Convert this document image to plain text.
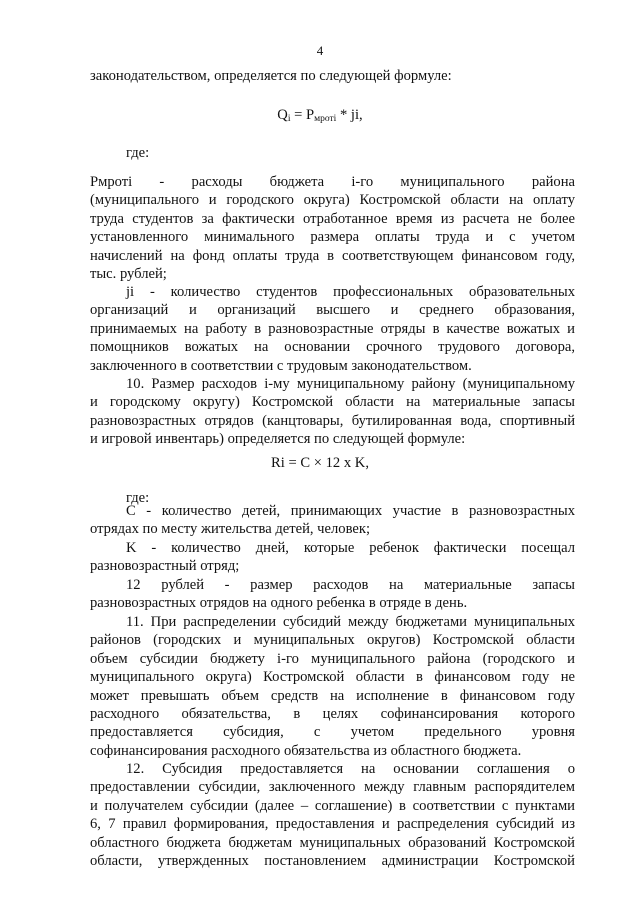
4

законодательством, определяется по следующей формуле:

$Q_i = P_{мроті}$ * ji,
где:

Pмроті - расходы бюджета i-го муниципального района

(муниципального и городского округа) Костромской области на оплату

труда студентов за фактически отработанное время из расчета не более

установленного минимального размера оплаты труда и с учетом

начислений на фонд оплаты труда в соответствующем финансовом году,

тыс. рублей;

ji - количество студентов профессиональных образовательных

организаций и организаций высшего и среднего образования,

принимаемых на работу в разновозрастные отряды в качестве вожатых и

помощников вожатых на основании срочного трудового договора,

заключенного в соответствии с трудовым законодательством.

10. Размер расходов i-му муниципальному району (муниципальному

и городскому округу) Костромской области на материальные запасы

разновозрастных отрядов (канцтовары, бутилированная вода, спортивный

и игровой инвентарь) определяется по следующей формуле:

Ri = C × 12 x K,
где:

C - количество детей, принимающих участие в разновозрастных

отрядах по месту жительства детей, человек;

K - количество дней, которые ребенок фактически посещал

разновозрастный отряд;

12 рублей - размер расходов на материальные запасы

разновозрастных отрядов на одного ребенка в отряде в день.

11. При распределении субсидий между бюджетами муниципальных

районов (городских и муниципальных округов) Костромской области

объем субсидии бюджету i-го муниципального района (городского и

муниципального округа) Костромской области в финансовом году не

может превышать объем средств на исполнение в финансовом году

расходного обязательства, в целях софинансирования которого

предоставляется субсидия, с учетом предельного уровня

софинансирования расходного обязательства из областного бюджета.

12. Субсидия предоставляется на основании соглашения о

предоставлении субсидии, заключенного между главным распорядителем

и получателем субсидии (далее – соглашение) в соответствии с пунктами

6, 7 правил формирования, предоставления и распределения субсидий из

областного бюджета бюджетам муниципальных образований Костромской

области, утвержденных постановлением администрации Костромской
